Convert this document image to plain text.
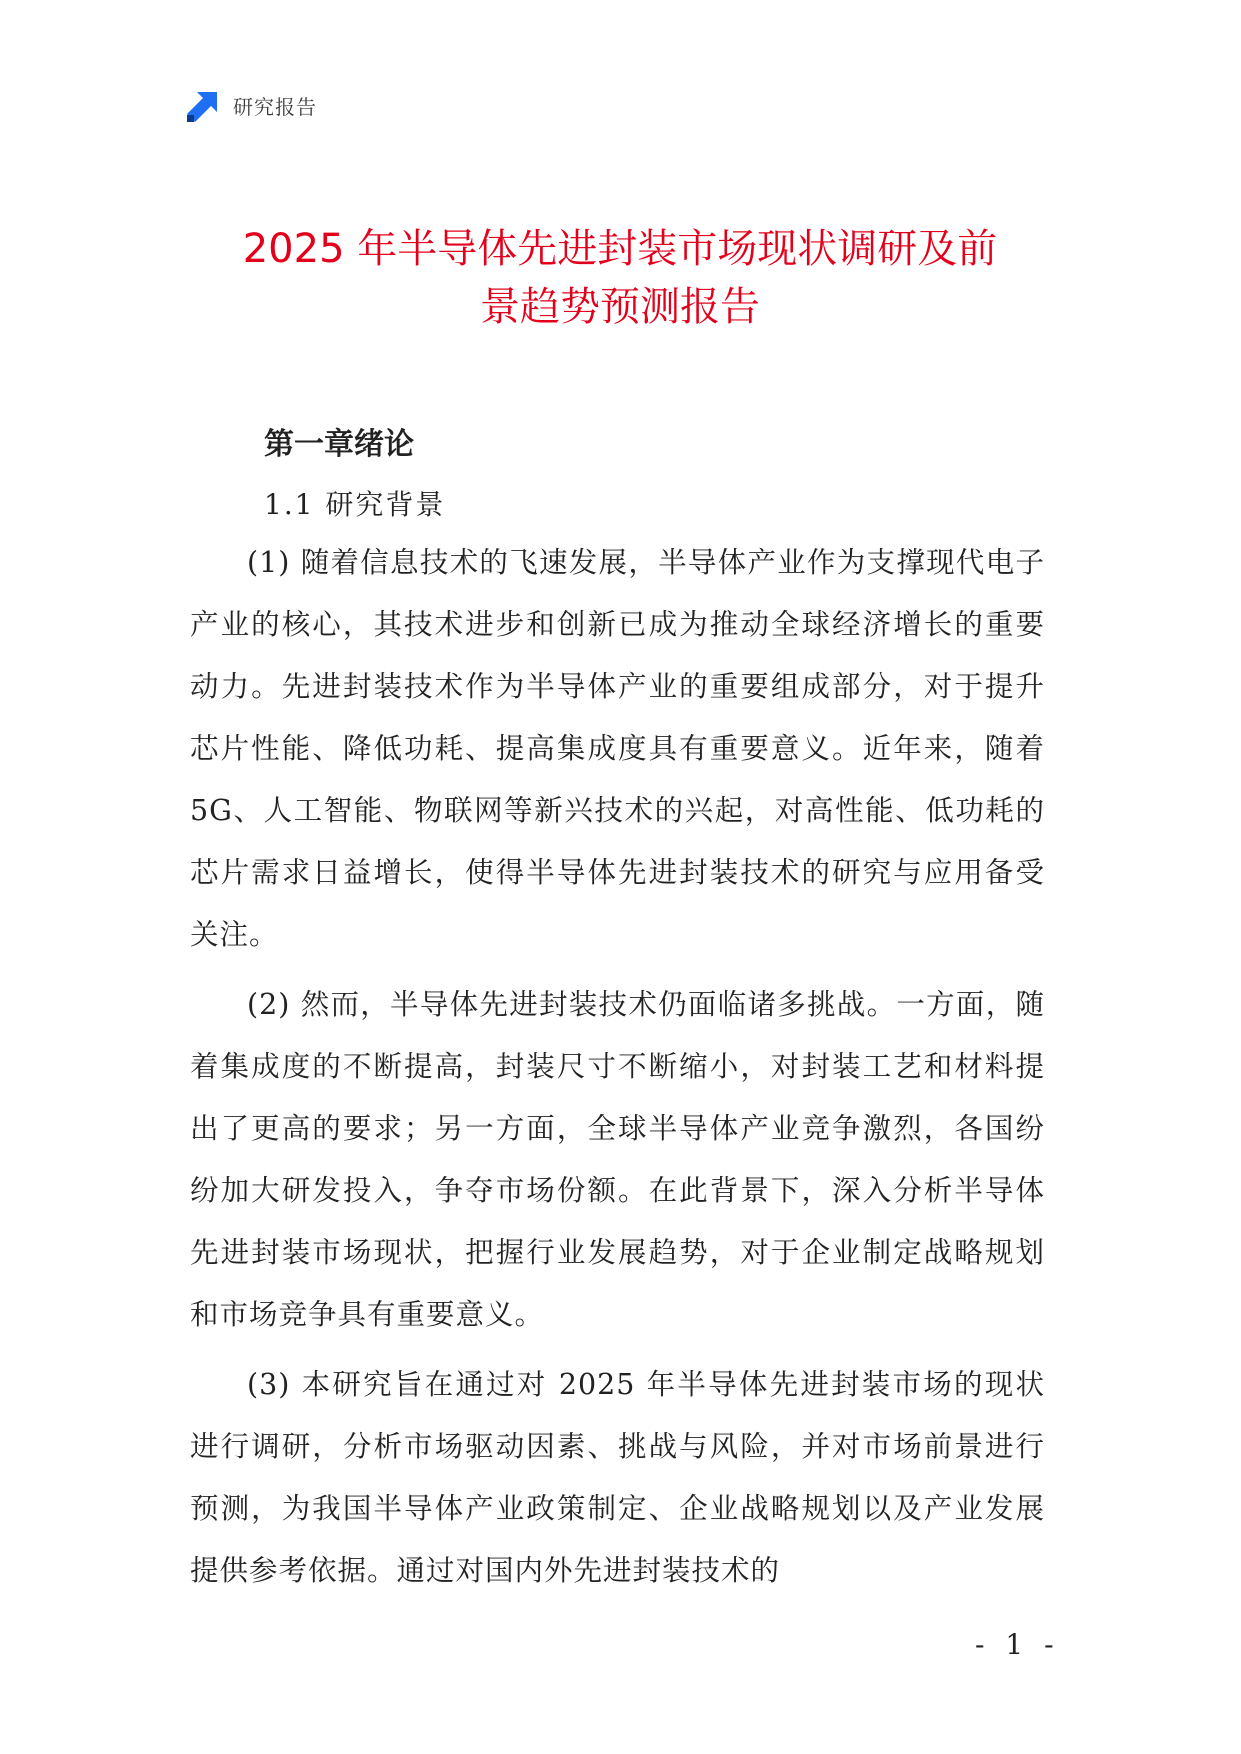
研究报告
2025 年半导体先进封装市场现状调研及前
景趋势预测报告
第一章绪论
1.1 研究背景

(1) 随着信息技术的飞速发展，半导体产业作为支撑现代电子产业的核心，其技术进步和创新已成为推动全球经济增长的重要动力。先进封装技术作为半导体产业的重要组成部分，对于提升芯片性能、降低功耗、提高集成度具有重要意义。近年来，随着 5G、人工智能、物联网等新兴技术的兴起，对高性能、低功耗的芯片需求日益增长，使得半导体先进封装技术的研究与应用备受关注。

(2) 然而，半导体先进封装技术仍面临诸多挑战。一方面，随着集成度的不断提高，封装尺寸不断缩小，对封装工艺和材料提出了更高的要求；另一方面，全球半导体产业竞争激烈，各国纷纷加大研发投入，争夺市场份额。在此背景下，深入分析半导体先进封装市场现状，把握行业发展趋势，对于企业制定战略规划和市场竞争具有重要意义。

(3) 本研究旨在通过对 2025 年半导体先进封装市场的现状进行调研，分析市场驱动因素、挑战与风险，并对市场前景进行预测，为我国半导体产业政策制定、企业战略规划以及产业发展提供参考依据。通过对国内外先进封装技术的

- 1 -
